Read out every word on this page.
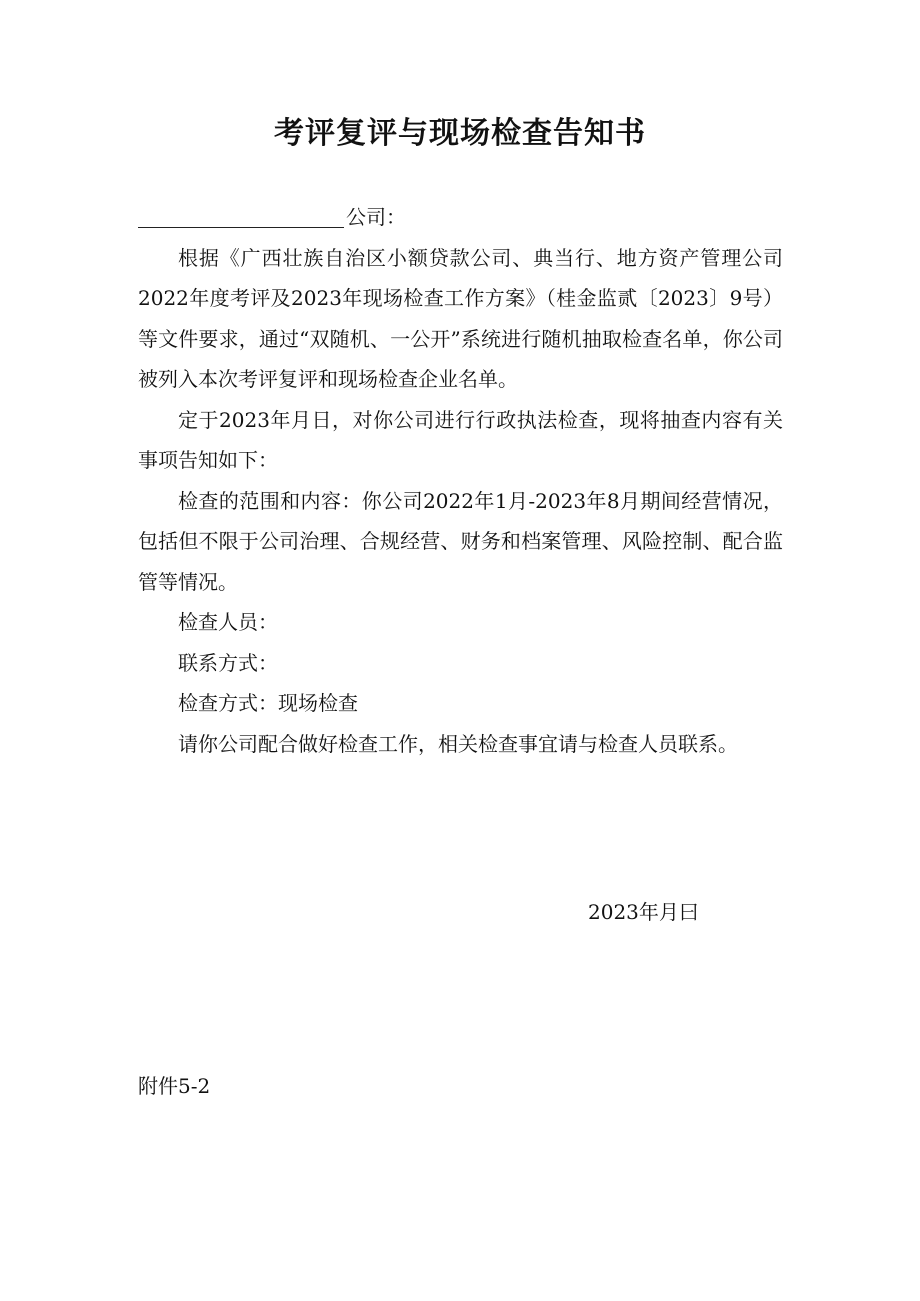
考评复评与现场检查告知书

公司：

根据《广西壮族自治区小额贷款公司、典当行、地方资产管理公司2022年度考评及2023年现场检查工作方案》（桂金监贰〔2023〕9号）等文件要求，通过“双随机、一公开”系统进行随机抽取检查名单，你公司被列入本次考评复评和现场检查企业名单。

定于2023年月日，对你公司进行行政执法检查，现将抽查内容有关事项告知如下：

检查的范围和内容：你公司2022年1月-2023年8月期间经营情况，包括但不限于公司治理、合规经营、财务和档案管理、风险控制、配合监管等情况。

检查人员：

联系方式：

检查方式：现场检查

请你公司配合做好检查工作，相关检查事宜请与检查人员联系。

2023年月曰
附件5-2
